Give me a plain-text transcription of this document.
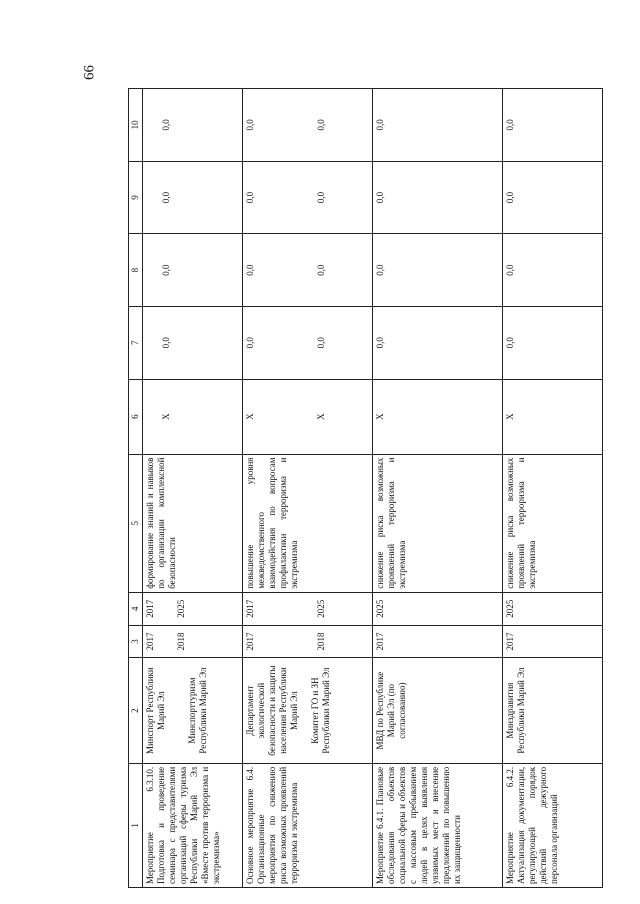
66
1	2	3	4	5	6	7	8	9	10
Мероприятие 6.3.10. Подготовка и проведение семинара с представителями организаций сферы туризма Республики Марий Эл «Вместе против терроризма и экстремизма»	Минспорт Республики Марий Эл Минспорттуризм Республики Марий Эл	2017 2018	2017 2025	формирование знаний и навыков по организации комплексной безопасности	X	0,0	0,0	0,0	0,0

Основное мероприятие 6.4. Организационные мероприятия по снижению риска возможных проявлений терроризма и экстремизма	Департамент экологической безопасности и защиты населения Республики Марий Эл Комитет ГО и ЗН Республики Марий Эл	2017 2018	2017 2025	повышение уровня межведомственного взаимодействия по вопросам профилактики терроризма и экстремизма	X X	0,0 0,0	0,0 0,0	0,0 0,0	0,0 0,0

Мероприятие 6.4.1. Плановые обследования объектов социальной сферы и объектов с массовым пребыванием людей в целях выявления уязвимых мест и внесение предложений по повышению их защищенности	МВД по Республике Марий Эл (по согласованию)	2017	2025	снижение риска возможных проявлений терроризма и экстремизма	X	0,0	0,0	0,0	0,0
Мероприятие 6.4.2. Актуализация документации, регулирующей порядок действий дежурного персонала организаций	Минздравития Республики Марий Эл	2017	2025	снижение риска возможных проявлений терроризма и экстремизма	X	0,0	0,0	0,0	0,0
